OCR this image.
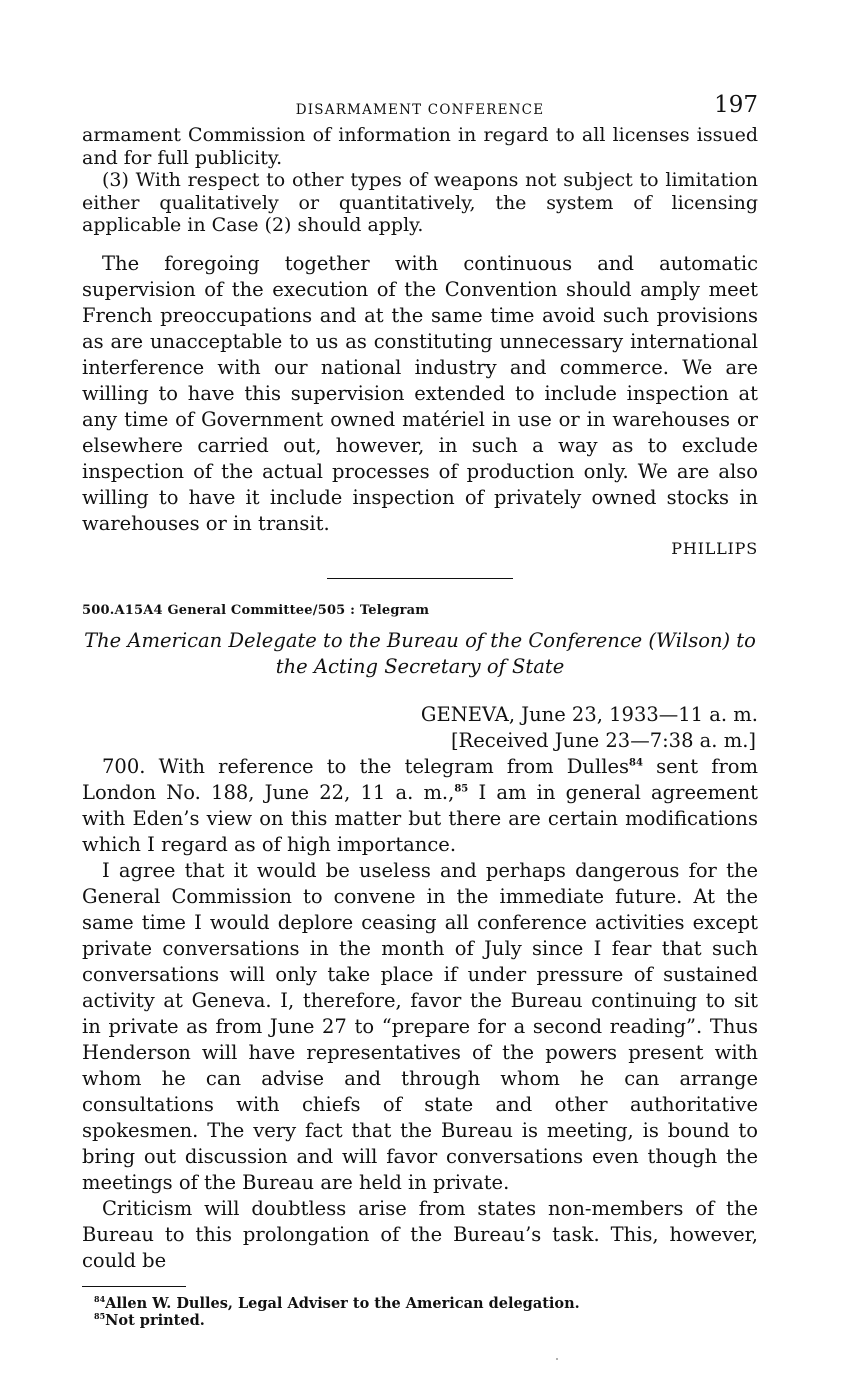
DISARMAMENT CONFERENCE	197

armament Commission of information in regard to all licenses issued and for full publicity.

(3) With respect to other types of weapons not subject to limitation either qualitatively or quantitatively, the system of licensing applicable in Case (2) should apply.

The foregoing together with continuous and automatic supervision of the execution of the Convention should amply meet French preoccupations and at the same time avoid such provisions as are unacceptable to us as constituting unnecessary international interference with our national industry and commerce. We are willing to have this supervision extended to include inspection at any time of Government owned matériel in use or in warehouses or elsewhere carried out, however, in such a way as to exclude inspection of the actual processes of production only. We are also willing to have it include inspection of privately owned stocks in warehouses or in transit.

PHILLIPS
500.A15A4 General Committee/505 : Telegram
The American Delegate to the Bureau of the Conference (Wilson) to
the Acting Secretary of State
GENEVA, June 23, 1933—11 a. m.
[Received June 23—7:38 a. m.]

700. With reference to the telegram from Dulles$^{84}$ sent from London No. 188, June 22, 11 a. m.,$^{85}$ I am in general agreement with Eden’s view on this matter but there are certain modifications which I regard as of high importance.

I agree that it would be useless and perhaps dangerous for the General Commission to convene in the immediate future. At the same time I would deplore ceasing all conference activities except private conversations in the month of July since I fear that such conversations will only take place if under pressure of sustained activity at Geneva. I, therefore, favor the Bureau continuing to sit in private as from June 27 to “prepare for a second reading”. Thus Henderson will have representatives of the powers present with whom he can advise and through whom he can arrange consultations with chiefs of state and other authoritative spokesmen. The very fact that the Bureau is meeting, is bound to bring out discussion and will favor conversations even though the meetings of the Bureau are held in private.

Criticism will doubtless arise from states non-members of the Bureau to this prolongation of the Bureau’s task. This, however, could be

$^{84}$Allen W. Dulles, Legal Adviser to the American delegation.
$^{85}$Not printed.
